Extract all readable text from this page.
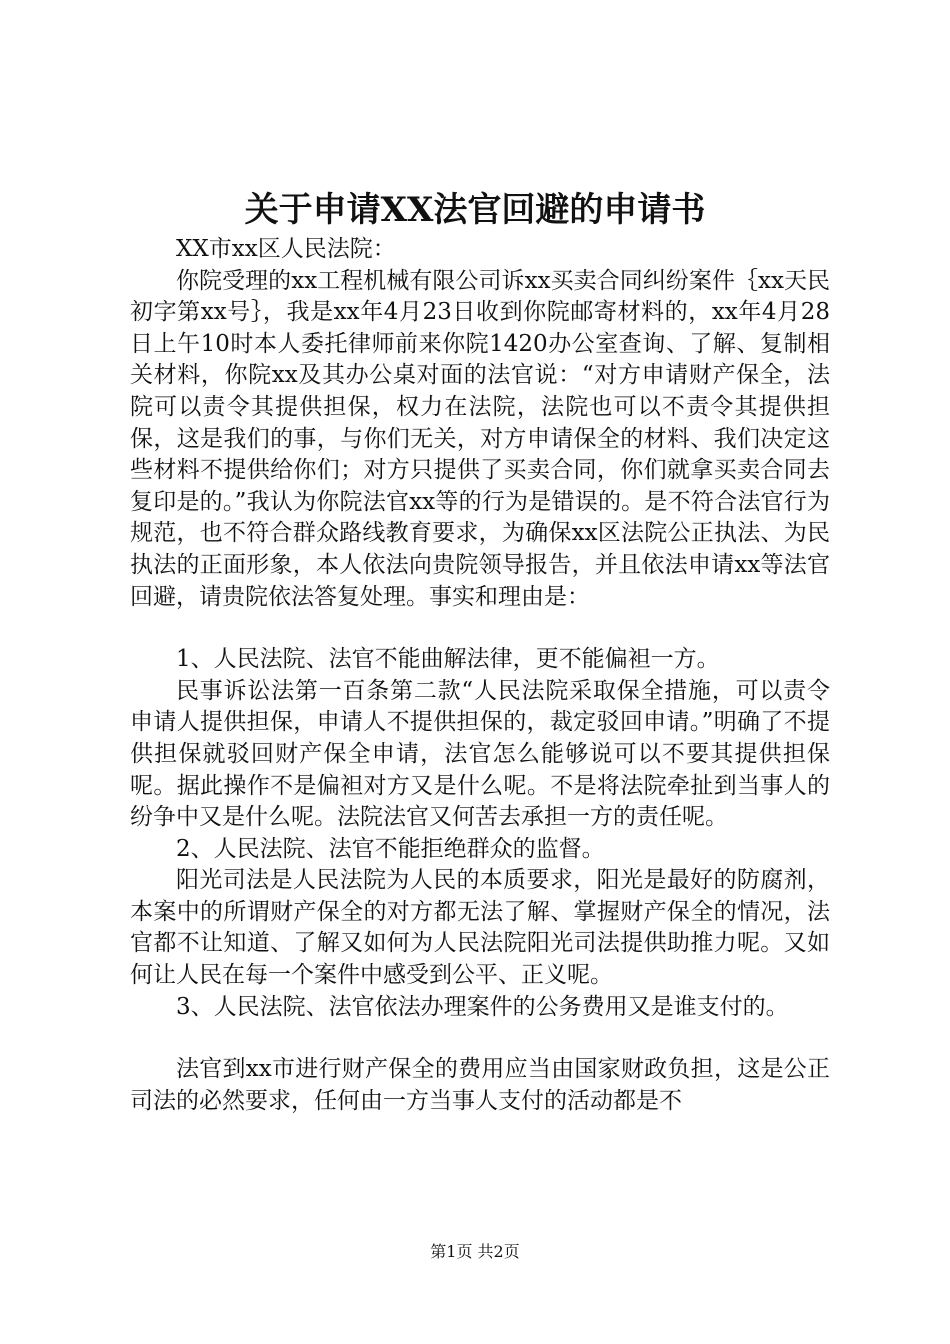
关于申请XX法官回避的申请书

XX市xx区人民法院：

你院受理的xx工程机械有限公司诉xx买卖合同纠纷案件｛xx天民初字第xx号｝，我是xx年4月23日收到你院邮寄材料的，xx年4月28日上午10时本人委托律师前来你院1420办公室查询、了解、复制相关材料，你院xx及其办公桌对面的法官说：“对方申请财产保全，法院可以责令其提供担保，权力在法院，法院也可以不责令其提供担保，这是我们的事，与你们无关，对方申请保全的材料、我们决定这些材料不提供给你们；对方只提供了买卖合同，你们就拿买卖合同去复印是的。”我认为你院法官xx等的行为是错误的。是不符合法官行为规范，也不符合群众路线教育要求，为确保xx区法院公正执法、为民执法的正面形象，本人依法向贵院领导报告，并且依法申请xx等法官回避，请贵院依法答复处理。事实和理由是：

1、人民法院、法官不能曲解法律，更不能偏袒一方。

民事诉讼法第一百条第二款“人民法院采取保全措施，可以责令申请人提供担保，申请人不提供担保的，裁定驳回申请。”明确了不提供担保就驳回财产保全申请，法官怎么能够说可以不要其提供担保呢。据此操作不是偏袒对方又是什么呢。不是将法院牵扯到当事人的纷争中又是什么呢。法院法官又何苦去承担一方的责任呢。

2、人民法院、法官不能拒绝群众的监督。

阳光司法是人民法院为人民的本质要求，阳光是最好的防腐剂，本案中的所谓财产保全的对方都无法了解、掌握财产保全的情况，法官都不让知道、了解又如何为人民法院阳光司法提供助推力呢。又如何让人民在每一个案件中感受到公平、正义呢。

3、人民法院、法官依法办理案件的公务费用又是谁支付的。

法官到xx市进行财产保全的费用应当由国家财政负担，这是公正司法的必然要求，任何由一方当事人支付的活动都是不

第1页 共2页
